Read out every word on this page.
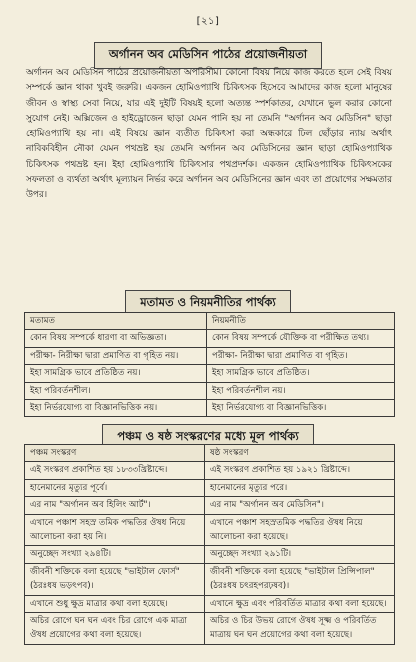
[২১]
অর্গানন অব মেডিসিন পাঠের প্রয়োজনীয়তা
অর্গানন অব মেডিসিন পাঠের প্রয়োজনীয়তা অপরিসীম। কোনো বিষয় নিয়ে কাজ করতে হলে সেই বিষয় সম্পর্কে জ্ঞান থাকা খুবই জরুরি। একজন হোমিওপ্যাথি চিকিৎসক হিসেবে আমাদের কাজ হলো মানুষের জীবন ও স্বাস্থ্য সেবা নিয়ে, যার এই দুইটি বিষয়ই হলো অত্যন্ত স্পর্শকাতর, যেখানে ভুল করার কোনো সুযোগ নেই। অক্সিজেন ও হাইড্রোজেন ছাড়া যেমন পানি হয় না তেমনি "অর্গানন অব মেডিসিন" ছাড়া হোমিওপ্যাথি হয় না। এই বিষয়ে জ্ঞান ব্যতীত চিকিৎসা করা অন্ধকারে ঢিল ছোঁড়ার ন্যায় অর্থাৎ নাবিকবিহীন নৌকা যেমন পথভ্রষ্ট হয় তেমনি অর্গানন অব মেডিসিনের জ্ঞান ছাড়া হোমিওপ্যাথিক চিকিৎসক পথভ্রষ্ট হন। ইহা হোমিওপ্যাথি চিকিৎসার পথপ্রদর্শক। একজন হোমিওপ্যাথিক চিকিৎসকের সফলতা ও ব্যর্থতা অর্থাৎ মূল্যায়ন নির্ভর করে অর্গানন অব মেডিসিনের জ্ঞান এবং তা প্রয়োগের সক্ষমতার উপর।
মতামত ও নিয়মনীতির পার্থক্য
মতামত	নিয়মনীতি
কোন বিষয় সম্পর্কে ধারণা বা অভিজ্ঞতা।	কোন বিষয় সম্পর্কে যৌক্তিক বা পরীক্ষিত তথ্য।
পরীক্ষা- নিরীক্ষা দ্বারা প্রমাণিত বা গৃহিত নয়।	পরীক্ষা- নিরীক্ষা দ্বারা প্রমাণিত বা গৃহিত।
ইহা সামগ্রিক ভাবে প্রতিষ্ঠিত নয়।	ইহা সামগ্রিক ভাবে প্রতিষ্ঠিত।
ইহা পরিবর্তনশীল।	ইহা পরিবর্তনশীল নয়।
ইহা নির্ভরযোগ্য বা বিজ্ঞানভিত্তিক নয়।	ইহা নির্ভরযোগ্য বা বিজ্ঞানভিত্তিক।
পঞ্চম ও ষষ্ঠ সংস্করণের মধ্যে মূল পার্থক্য
পঞ্চম সংস্করণ	ষষ্ঠ সংস্করণ
এই সংস্করণ প্রকাশিত হয় ১৮৩৩খ্রিষ্টাব্দে।	এই সংস্করণ প্রকাশিত হয় ১৯২১ খ্রিষ্টাব্দে।
হানেমানের মৃত্যুর পূর্বে।	হানেমানের মৃত্যুর পরে।
এর নাম "অর্গানন অব হিলিং আর্ট"।	এর নাম "অর্গানন অব মেডিসিন"।
এখানে পঞ্চাশ সহস্র তমিক পদ্ধতির ঔষধ নিয়ে আলোচনা করা হয় নি।	এখানে পঞ্চাশ সহস্রতমিক পদ্ধতির ঔষধ নিয়ে আলোচনা করা হয়েছে।
অনুচ্ছেদ সংখ্যা ২৯৪টি।	অনুচ্ছেদ সংখ্যা ২৯১টি।
জীবনী শক্তিকে বলা হয়েছে "ভাইটাল ফোর্স" (ঠরঃধষ ভড়ৎপব)।	জীবনী শক্তিকে বলা হয়েছে "ভাইটাল প্রিন্সিপাল" (ঠরঃধষ চৎরহপরঢ়ষব)।
এখানে শুধু ক্ষুদ্র মাত্রার কথা বলা হয়েছে।	এখানে ক্ষুদ্র এবং পরিবর্তিত মাত্রার কথা বলা হয়েছে।
অচির রোগে ঘন ঘন এবং চির রোগে এক মাত্রা ঔষধ প্রয়োগের কথা বলা হয়েছে।	অচির ও চির উভয় রোগে ঔষধ সূক্ষ্ম ও পরিবর্তিত মাত্রায় ঘন ঘন প্রয়োগের কথা বলা হয়েছে।
